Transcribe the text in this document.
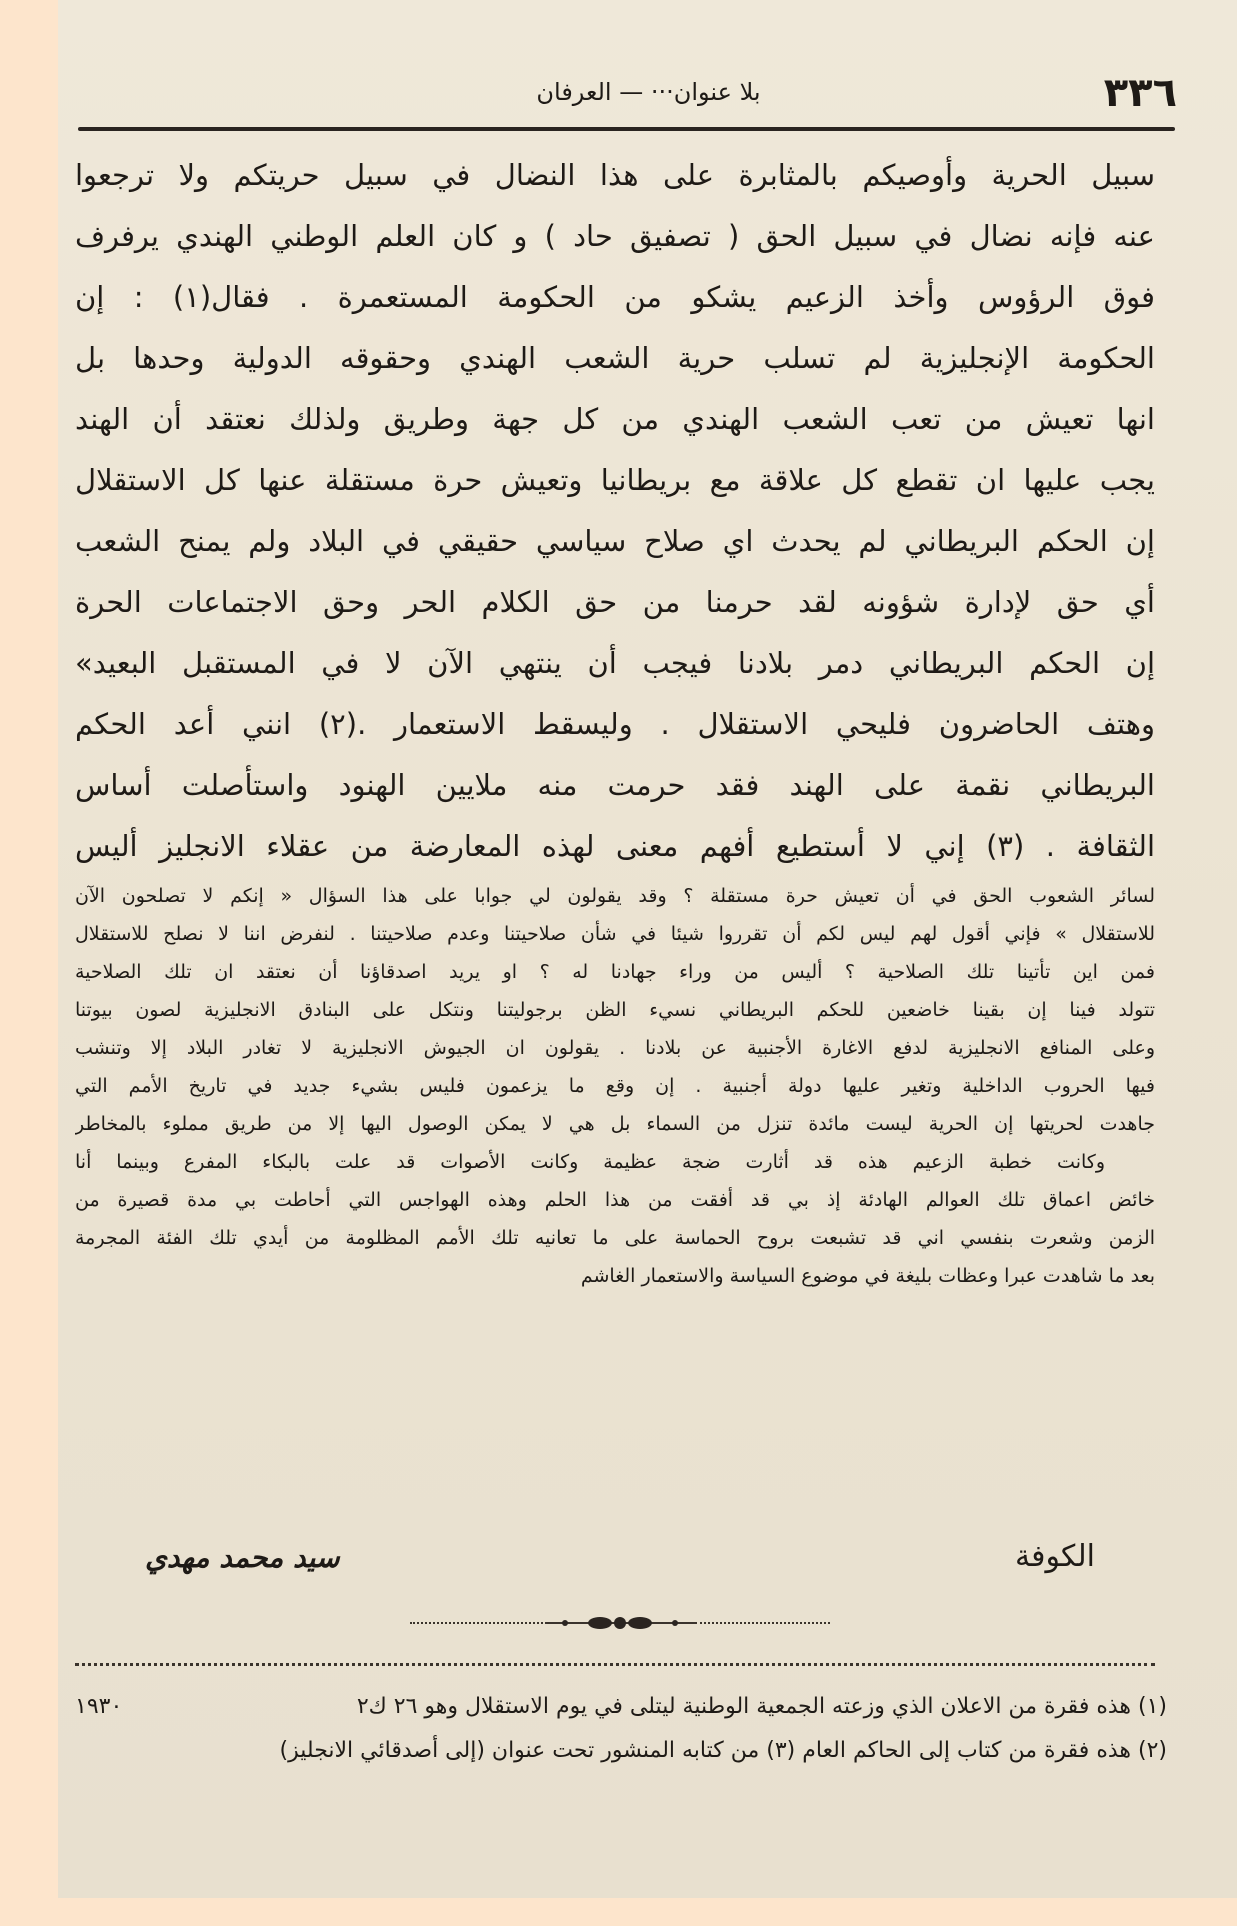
٣٣٦
بلا عنوان··· — العرفان
سبيل الحرية وأوصيكم بالمثابرة على هذا النضال في سبيل حريتكم ولا ترجعوا
عنه فإنه نضال في سبيل الحق ( تصفيق حاد ) و كان العلم الوطني الهندي يرفرف
فوق الرؤوس وأخذ الزعيم يشكو من الحكومة المستعمرة . فقال(١) : إن
الحكومة الإنجليزية لم تسلب حرية الشعب الهندي وحقوقه الدولية وحدها بل
انها تعيش من تعب الشعب الهندي من كل جهة وطريق ولذلك نعتقد أن الهند
يجب عليها ان تقطع كل علاقة مع بريطانيا وتعيش حرة مستقلة عنها كل الاستقلال
إن الحكم البريطاني لم يحدث اي صلاح سياسي حقيقي في البلاد ولم يمنح الشعب
أي حق لإدارة شؤونه لقد حرمنا من حق الكلام الحر وحق الاجتماعات الحرة
إن الحكم البريطاني دمر بلادنا فيجب أن ينتهي الآن لا في المستقبل البعيد»
وهتف الحاضرون فليحي الاستقلال . وليسقط الاستعمار .(٢) انني أعد الحكم
البريطاني نقمة على الهند فقد حرمت منه ملايين الهنود واستأصلت أساس
الثقافة . (٣) إني لا أستطيع أفهم معنى لهذه المعارضة من عقلاء الانجليز أليس
لسائر الشعوب الحق في أن تعيش حرة مستقلة ؟ وقد يقولون لي جوابا على هذا السؤال « إنكم لا تصلحون الآن
للاستقلال » فإني أقول لهم ليس لكم أن تقرروا شيئا في شأن صلاحيتنا وعدم صلاحيتنا . لنفرض اننا لا نصلح للاستقلال
فمن اين تأتينا تلك الصلاحية ؟ أليس من وراء جهادنا له ؟ او يريد اصدقاؤنا أن نعتقد ان تلك الصلاحية
تتولد فينا إن بقينا خاضعين للحكم البريطاني نسيء الظن برجوليتنا ونتكل على البنادق الانجليزية لصون بيوتنا
وعلى المنافع الانجليزية لدفع الاغارة الأجنبية عن بلادنا . يقولون ان الجيوش الانجليزية لا تغادر البلاد إلا وتنشب
فيها الحروب الداخلية وتغير عليها دولة أجنبية . إن وقع ما يزعمون فليس بشيء جديد في تاريخ الأمم التي
جاهدت لحريتها إن الحرية ليست مائدة تنزل من السماء بل هي لا يمكن الوصول اليها إلا من طريق مملوء بالمخاطر
وكانت خطبة الزعيم هذه قد أثارت ضجة عظيمة وكانت الأصوات قد علت بالبكاء المفرع وبينما أنا
خائض اعماق تلك العوالم الهادئة إذ بي قد أفقت من هذا الحلم وهذه الهواجس التي أحاطت بي مدة قصيرة من
الزمن وشعرت بنفسي اني قد تشبعت بروح الحماسة على ما تعانيه تلك الأمم المظلومة من أيدي تلك الفئة المجرمة
بعد ما شاهدت عبرا وعظات بليغة في موضوع السياسة والاستعمار الغاشم
الكوفة
سيد محمد مهدي
(١) هذه فقرة من الاعلان الذي وزعته الجمعية الوطنية ليتلى في يوم الاستقلال وهو ٢٦ ك٢
١٩٣٠
(٢) هذه فقرة من كتاب إلى الحاكم العام (٣) من كتابه المنشور تحت عنوان (إلى أصدقائي الانجليز)
